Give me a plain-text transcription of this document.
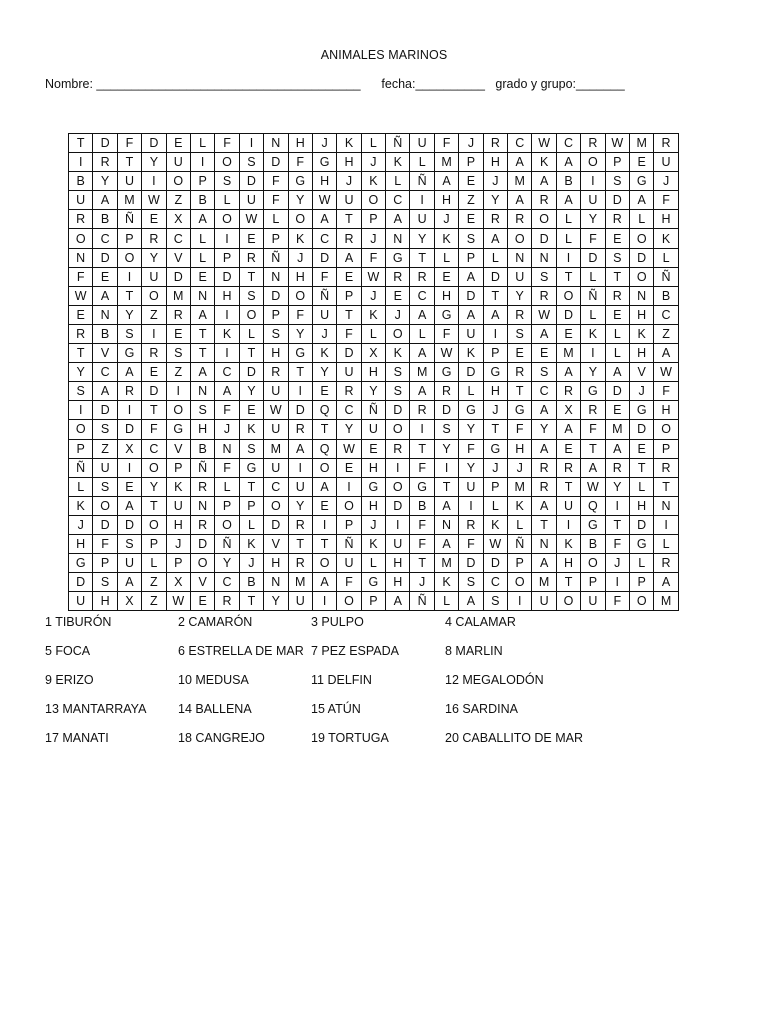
ANIMALES MARINOS
Nombre: ______________________________________ fecha:__________ grado y grupo:_______
T	D	F	D	E	L	F	I	N	H	J	K	L	Ñ	U	F	J	R	C	W	C	R	W	M	R
I	R	T	Y	U	I	O	S	D	F	G	H	J	K	L	M	P	H	A	K	A	O	P	E	U
B	Y	U	I	O	P	S	D	F	G	H	J	K	L	Ñ	A	E	J	M	A	B	I	S	G	J
U	A	M	W	Z	B	L	U	F	Y	W	U	O	C	I	H	Z	Y	A	R	A	U	D	A	F
R	B	Ñ	E	X	A	O	W	L	O	A	T	P	A	U	J	E	R	R	O	L	Y	R	L	H
O	C	P	R	C	L	I	E	P	K	C	R	J	N	Y	K	S	A	O	D	L	F	E	O	K
N	D	O	Y	V	L	P	R	Ñ	J	D	A	F	G	T	L	P	L	N	N	I	D	S	D	L
F	E	I	U	D	E	D	T	N	H	F	E	W	R	R	E	A	D	U	S	T	L	T	O	Ñ
W	A	T	O	M	N	H	S	D	O	Ñ	P	J	E	C	H	D	T	Y	R	O	Ñ	R	N	B
E	N	Y	Z	R	A	I	O	P	F	U	T	K	J	A	G	A	A	R	W	D	L	E	H	C
R	B	S	I	E	T	K	L	S	Y	J	F	L	O	L	F	U	I	S	A	E	K	L	K	Z
T	V	G	R	S	T	I	T	H	G	K	D	X	K	A	W	K	P	E	E	M	I	L	H	A
Y	C	A	E	Z	A	C	D	R	T	Y	U	H	S	M	G	D	G	R	S	A	Y	A	V	W
S	A	R	D	I	N	A	Y	U	I	E	R	Y	S	A	R	L	H	T	C	R	G	D	J	F
I	D	I	T	O	S	F	E	W	D	Q	C	Ñ	D	R	D	G	J	G	A	X	R	E	G	H
O	S	D	F	G	H	J	K	U	R	T	Y	U	O	I	S	Y	T	F	Y	A	F	M	D	O
P	Z	X	C	V	B	N	S	M	A	Q	W	E	R	T	Y	F	G	H	A	E	T	A	E	P
Ñ	U	I	O	P	Ñ	F	G	U	I	O	E	H	I	F	I	Y	J	J	R	R	A	R	T	R
L	S	E	Y	K	R	L	T	C	U	A	I	G	O	G	T	U	P	M	R	T	W	Y	L	T
K	O	A	T	U	N	P	P	O	Y	E	O	H	D	B	A	I	L	K	A	U	Q	I	H	N
J	D	D	O	H	R	O	L	D	R	I	P	J	I	F	N	R	K	L	T	I	G	T	D	I
H	F	S	P	J	D	Ñ	K	V	T	T	Ñ	K	U	F	A	F	W	Ñ	N	K	B	F	G	L
G	P	U	L	P	O	Y	J	H	R	O	U	L	H	T	M	D	D	P	A	H	O	J	L	R
D	S	A	Z	X	V	C	B	N	M	A	F	G	H	J	K	S	C	O	M	T	P	I	P	A
U	H	X	Z	W	E	R	T	Y	U	I	O	P	A	Ñ	L	A	S	I	U	O	U	F	O	M
1 TIBURÓN	2 CAMARÓN	3 PULPO	4 CALAMAR
5 FOCA	6 ESTRELLA DE MAR 7 PEZ ESPADA	8 MARLIN
9 ERIZO	10 MEDUSA	11 DELFIN	12 MEGALODÓN
13 MANTARRAYA	14 BALLENA	15 ATÚN	16 SARDINA
17 MANATI	18 CANGREJO	19 TORTUGA	20 CABALLITO DE MAR
